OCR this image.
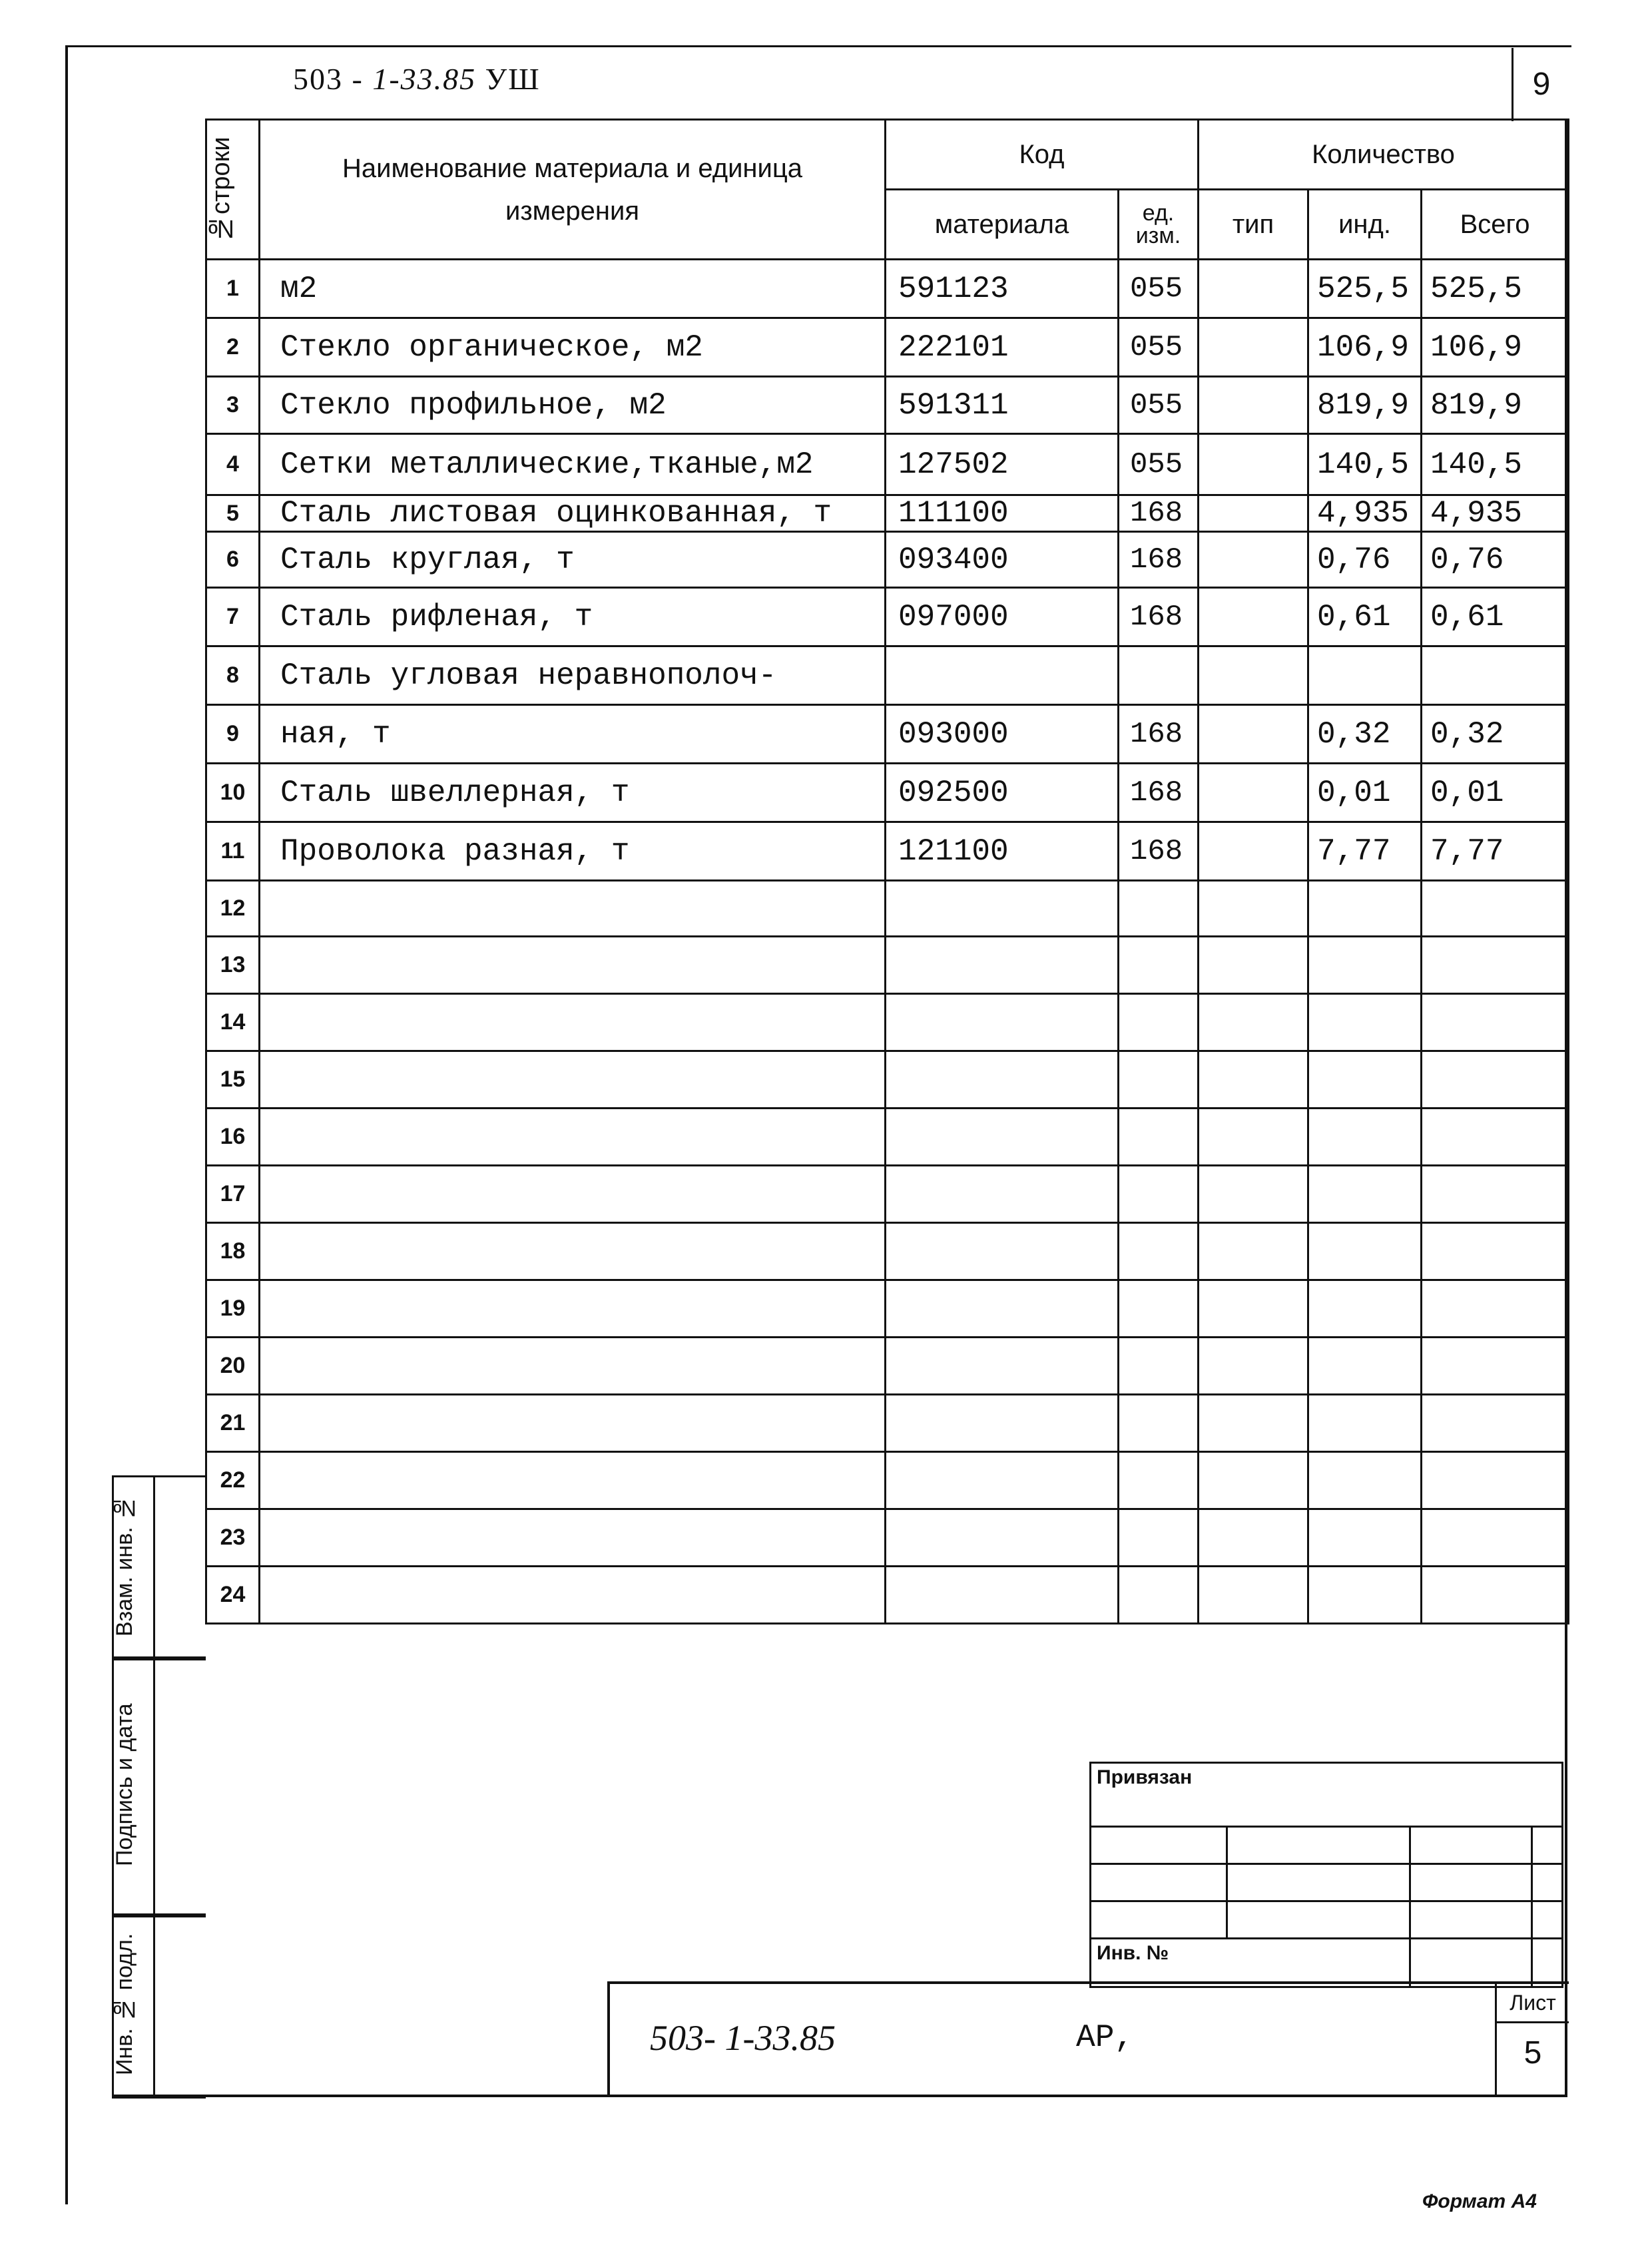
503 - 1-33.85 УШ	9
№строки	Наименование материала и единица измерения	Код		Количество		
		материала	ед. изм.	тип	инд.	Всего
1	м2	591123	055		525,5	525,5
2	Стекло органическое, м2	222101	055		106,9	106,9
3	Стекло профильное, м2	591311	055		819,9	819,9
4	Сетки металлические,тканые,м2	127502	055		140,5	140,5
5	Сталь листовая оцинкованная, т	111100	168		4,935	4,935
6	Сталь круглая, т	093400	168		0,76	0,76
7	Сталь рифленая, т	097000	168		0,61	0,61
8	Сталь угловая неравнополоч-					
9	ная, т	093000	168		0,32	0,32
10	Сталь швеллерная, т	092500	168		0,01	0,01
11	Проволока разная, т	121100	168		7,77	7,77
12						
13						
14						
15						
16						
17						
18						
19						
20						
21						
22						
23						
24						
Взам. инв. №
Подпись и дата
Инв. № подл.
Привязан			

Инв. №			
503- 1-33.85	АР,
Лист
5
Формат А4
